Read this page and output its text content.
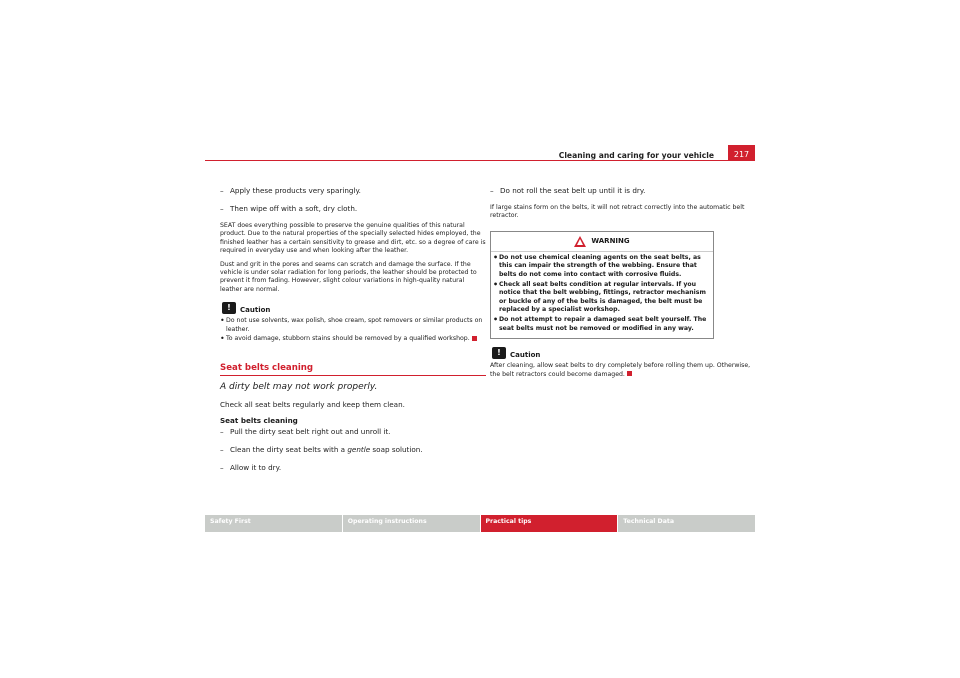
Cleaning and caring for your vehicle	217
– Apply these products very sparingly.
– Then wipe off with a soft, dry cloth.
SEAT does everything possible to preserve the genuine qualities of this natural product. Due to the natural properties of the specially selected hides employed, the finished leather has a certain sensitivity to grease and dirt, etc. so a degree of care is required in everyday use and when looking after the leather.
Dust and grit in the pores and seams can scratch and damage the surface. If the vehicle is under solar radiation for long periods, the leather should be protected to prevent it from fading. However, slight colour variations in high-quality natural leather are normal.
!	Caution
• Do not use solvents, wax polish, shoe cream, spot removers or similar products on leather.
• To avoid damage, stubborn stains should be removed by a qualified workshop.
Seat belts cleaning
A dirty belt may not work properly.
Check all seat belts regularly and keep them clean.
Seat belts cleaning
– Pull the dirty seat belt right out and unroll it.
– Clean the dirty seat belts with a gentle soap solution.
– Allow it to dry.
– Do not roll the seat belt up until it is dry.
If large stains form on the belts, it will not retract correctly into the automatic belt retractor.
WARNING
• Do not use chemical cleaning agents on the seat belts, as this can impair the strength of the webbing. Ensure that belts do not come into contact with corrosive fluids.
• Check all seat belts condition at regular intervals. If you notice that the belt webbing, fittings, retractor mechanism or buckle of any of the belts is damaged, the belt must be replaced by a specialist workshop.
• Do not attempt to repair a damaged seat belt yourself. The seat belts must not be removed or modified in any way.
!	Caution
After cleaning, allow seat belts to dry completely before rolling them up. Otherwise, the belt retractors could become damaged.
Safety First	Operating instructions	Practical tips	Technical Data
